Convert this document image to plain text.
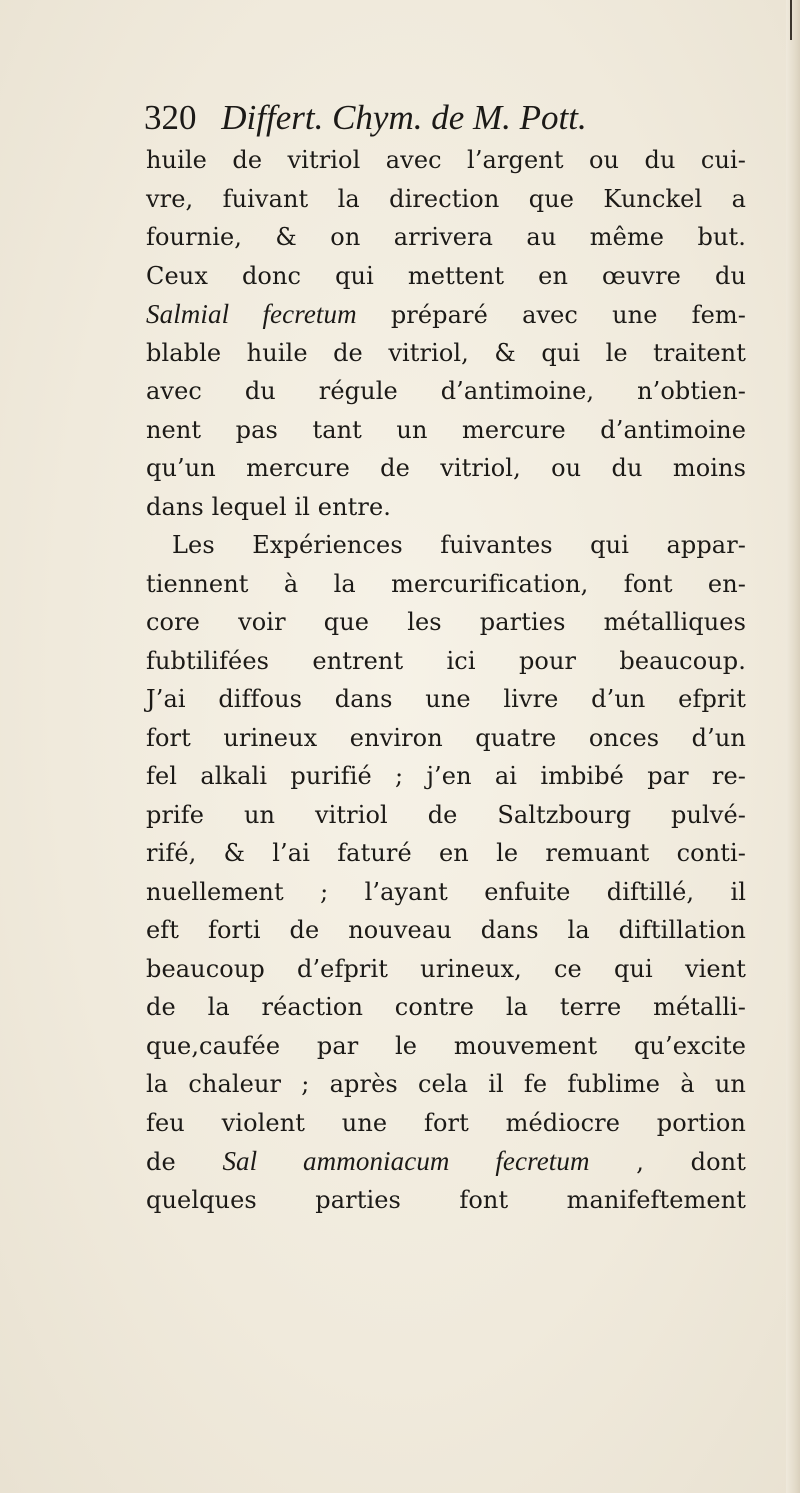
320 Differt. Chym. de M. Pott.
huile de vitriol avec l’argent ou du cui-
vre, fuivant la direction que Kunckel a
fournie, & on arrivera au même but.
Ceux donc qui mettent en œuvre du
Salmial fecretum préparé avec une fem-
blable huile de vitriol, & qui le traitent
avec du régule d’antimoine, n’obtien-
nent pas tant un mercure d’antimoine
qu’un mercure de vitriol, ou du moins
dans lequel il entre.
Les Expériences fuivantes qui appar-
tiennent à la mercurification, font en-
core voir que les parties métalliques
fubtilifées entrent ici pour beaucoup.
J’ai diffous dans une livre d’un efprit
fort urineux environ quatre onces d’un
fel alkali purifié ; j’en ai imbibé par re-
prife un vitriol de Saltzbourg pulvé-
rifé, & l’ai faturé en le remuant conti-
nuellement ; l’ayant enfuite diftillé, il
eft forti de nouveau dans la diftillation
beaucoup d’efprit urineux, ce qui vient
de la réaction contre la terre métalli-
que,caufée par le mouvement qu’excite
la chaleur ; après cela il fe fublime à un
feu violent une fort médiocre portion
de Sal ammoniacum fecretum , dont
quelques parties font manifeftement
